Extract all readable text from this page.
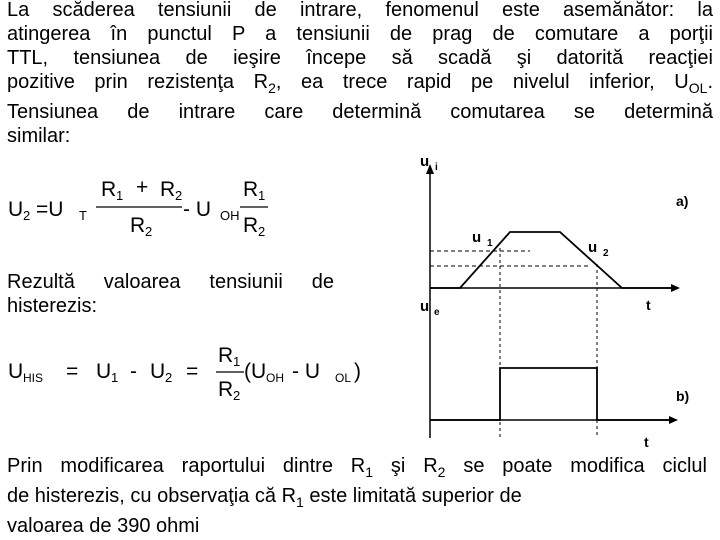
La scăderea tensiunii de intrare, fenomenul este asemănător: la
atingerea în punctul P a tensiunii de prag de comutare a porţii
TTL, tensiunea de ieşire începe să scadă şi datorită reacţiei
pozitive prin rezistenţa $R_2$, ea trece rapid pe nivelul inferior, $U_{OL}$.
Tensiunea de intrare care determină comutarea se determină
similar:
U 2 =U T
R 1 + R 2
R 2
- U OH
R 1
R 2
Rezultă valoarea tensiunii de
histerezis:
U HIS = U 1 - U 2 =
R 1
R 2
(U OH - U OL )
u i
a)
u 1	u 2
t
u e
b)
t
Prin modificarea raportului dintre $R_1$ şi $R_2$ se poate modifica ciclul
de histerezis, cu observaţia că $R_1$ este limitată superior de
valoarea de 390 ohmi
